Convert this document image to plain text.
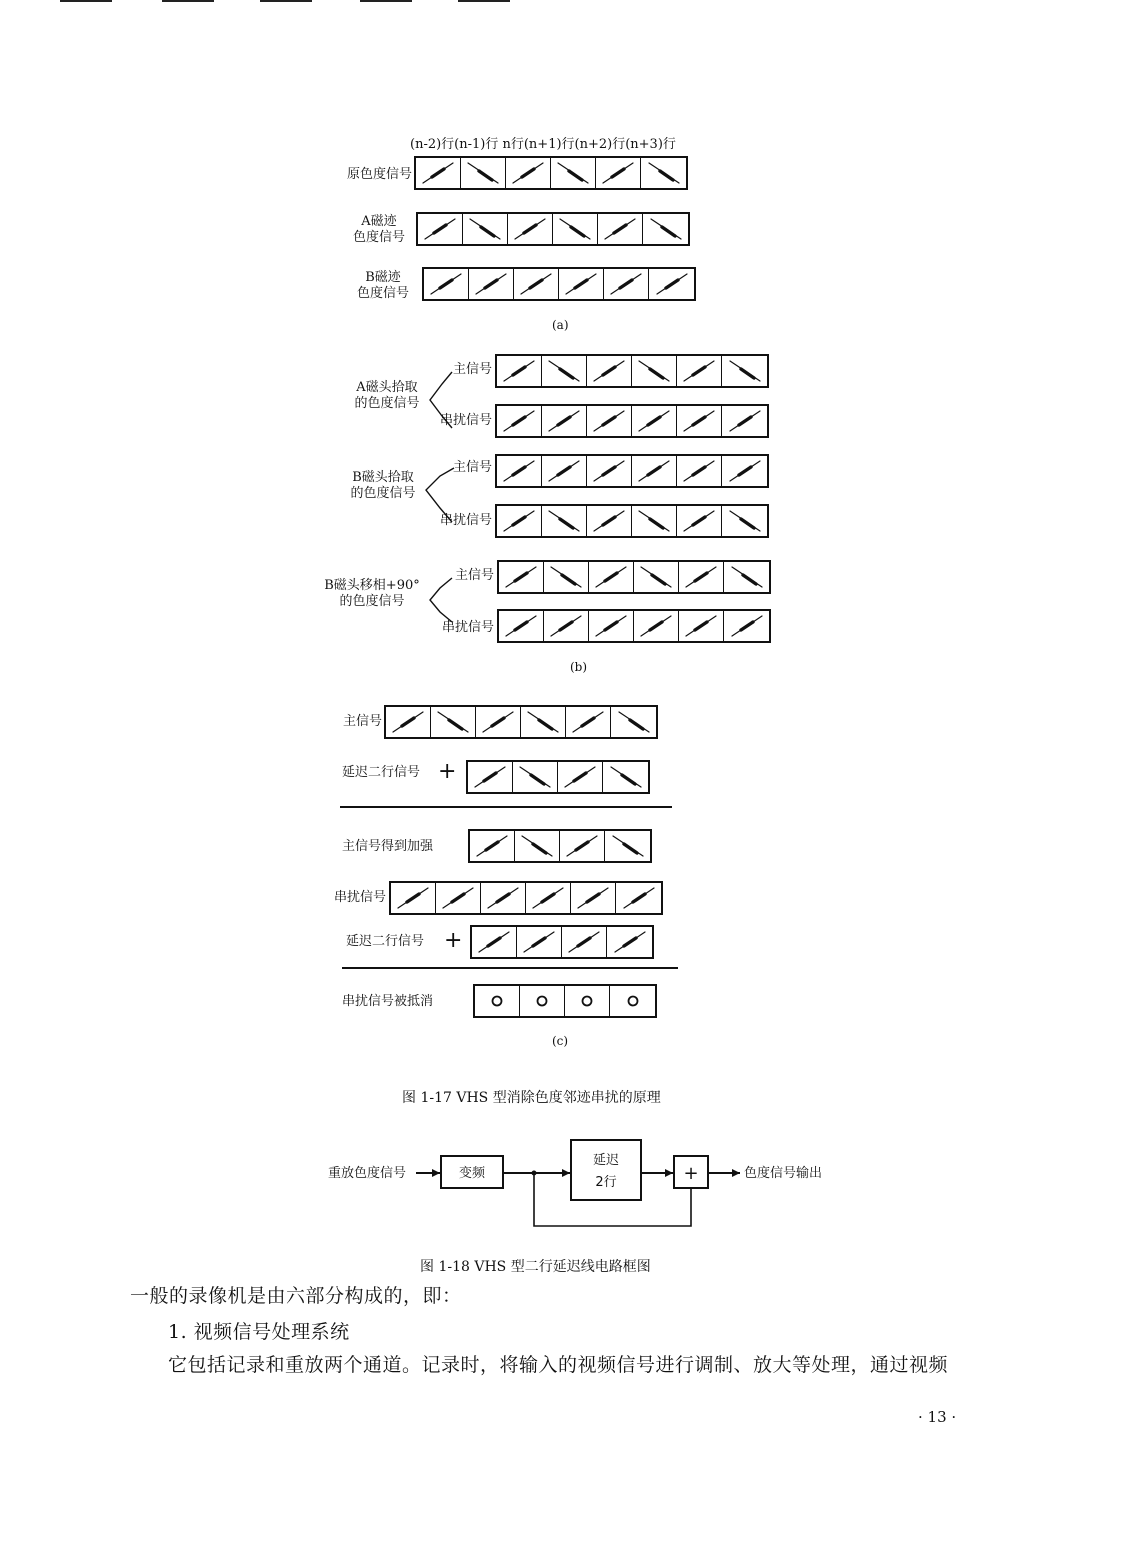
(n-2)行(n-1)行 n行(n+1)行(n+2)行(n+3)行
原色度信号
A磁迹
色度信号
B磁迹
色度信号
(a)
A磁头拾取
的色度信号
主信号
串扰信号
B磁头拾取
的色度信号
主信号
串扰信号
B磁头移相+90°
的色度信号
主信号
串扰信号
(b)
主信号
延迟二行信号 +
主信号得到加强
串扰信号
延迟二行信号 +
串扰信号被抵消
(c)
图 1-17 VHS 型消除色度邻迹串扰的原理
重放色度信号	变频
延迟
2行	+	色度信号输出
图 1-18 VHS 型二行延迟线电路框图
一般的录像机是由六部分构成的，即：
1. 视频信号处理系统
它包括记录和重放两个通道。记录时，将输入的视频信号进行调制、放大等处理，通过视频
· 13 ·
